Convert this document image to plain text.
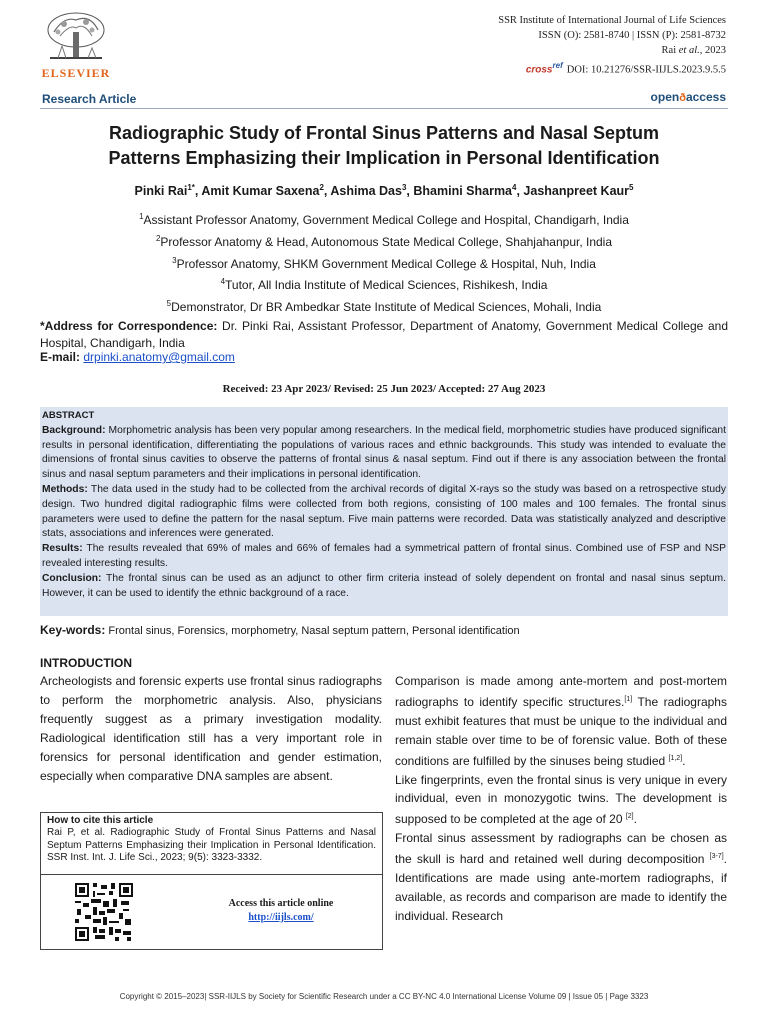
ELSEVIER
SSR Institute of International Journal of Life Sciences
ISSN (O): 2581-8740 | ISSN (P): 2581-8732
Rai et al., 2023
cross$^{ref}$ DOI: 10.21276/SSR-IIJLS.2023.9.5.5
Research Article	openðaccess
Radiographic Study of Frontal Sinus Patterns and Nasal Septum
Patterns Emphasizing their Implication in Personal Identification
Pinki Rai$^{1*}$, Amit Kumar Saxena$^2$, Ashima Das$^3$, Bhamini Sharma$^4$, Jashanpreet Kaur$^5$
$^1$Assistant Professor Anatomy, Government Medical College and Hospital, Chandigarh, India
$^2$Professor Anatomy & Head, Autonomous State Medical College, Shahjahanpur, India
$^3$Professor Anatomy, SHKM Government Medical College & Hospital, Nuh, India
$^4$Tutor, All India Institute of Medical Sciences, Rishikesh, India
$^5$Demonstrator, Dr BR Ambedkar State Institute of Medical Sciences, Mohali, India
*Address for Correspondence: Dr. Pinki Rai, Assistant Professor, Department of Anatomy, Government Medical College and Hospital, Chandigarh, India
E-mail: drpinki.anatomy@gmail.com
Received: 23 Apr 2023/ Revised: 25 Jun 2023/ Accepted: 27 Aug 2023
ABSTRACT
Background: Morphometric analysis has been very popular among researchers. In the medical field, morphometric studies have produced significant results in personal identification, differentiating the populations of various races and ethnic backgrounds. This study was intended to evaluate the dimensions of frontal sinus cavities to observe the patterns of frontal sinus & nasal septum. Find out if there is any association between the frontal sinus and nasal septum parameters and their implications in personal identification.
Methods: The data used in the study had to be collected from the archival records of digital X-rays so the study was based on a retrospective study design. Two hundred digital radiographic films were collected from both regions, consisting of 100 males and 100 females. The frontal sinus parameters were used to define the pattern for the nasal septum. Five main patterns were recorded. Data was statistically analyzed and descriptive stats, associations and inferences were generated.
Results: The results revealed that 69% of males and 66% of females had a symmetrical pattern of frontal sinus. Combined use of FSP and NSP revealed interesting results.
Conclusion: The frontal sinus can be used as an adjunct to other firm criteria instead of solely dependent on frontal and nasal sinus septum. However, it can be used to identify the ethnic background of a race.
Key-words: Frontal sinus, Forensics, morphometry, Nasal septum pattern, Personal identification
INTRODUCTION
Archeologists and forensic experts use frontal sinus radiographs to perform the morphometric analysis. Also, physicians frequently suggest as a primary investigation modality. Radiological identification still has a very important role in forensics for personal identification and gender estimation, especially when comparative DNA samples are absent.

Comparison is made among ante-mortem and post-mortem radiographs to identify specific structures.[1] The radiographs must exhibit features that must be unique to the individual and remain stable over time to be of forensic value. Both of these conditions are fulfilled by the sinuses being studied [1,2].

Like fingerprints, even the frontal sinus is very unique in every individual, even in monozygotic twins. The development is supposed to be completed at the age of 20 [2].

Frontal sinus assessment by radiographs can be chosen as the skull is hard and retained well during decomposition [3-7]. Identifications are made using ante-mortem radiographs, if available, as records and comparison are made to identify the individual. Research

How to cite this article
Rai P, et al. Radiographic Study of Frontal Sinus Patterns and Nasal Septum Patterns Emphasizing their Implication in Personal Identification. SSR Inst. Int. J. Life Sci., 2023; 9(5): 3323-3332.
Access this article online
http://iijls.com/
Copyright © 2015–2023| SSR-IIJLS by Society for Scientific Research under a CC BY-NC 4.0 International License Volume 09 | Issue 05 | Page 3323
